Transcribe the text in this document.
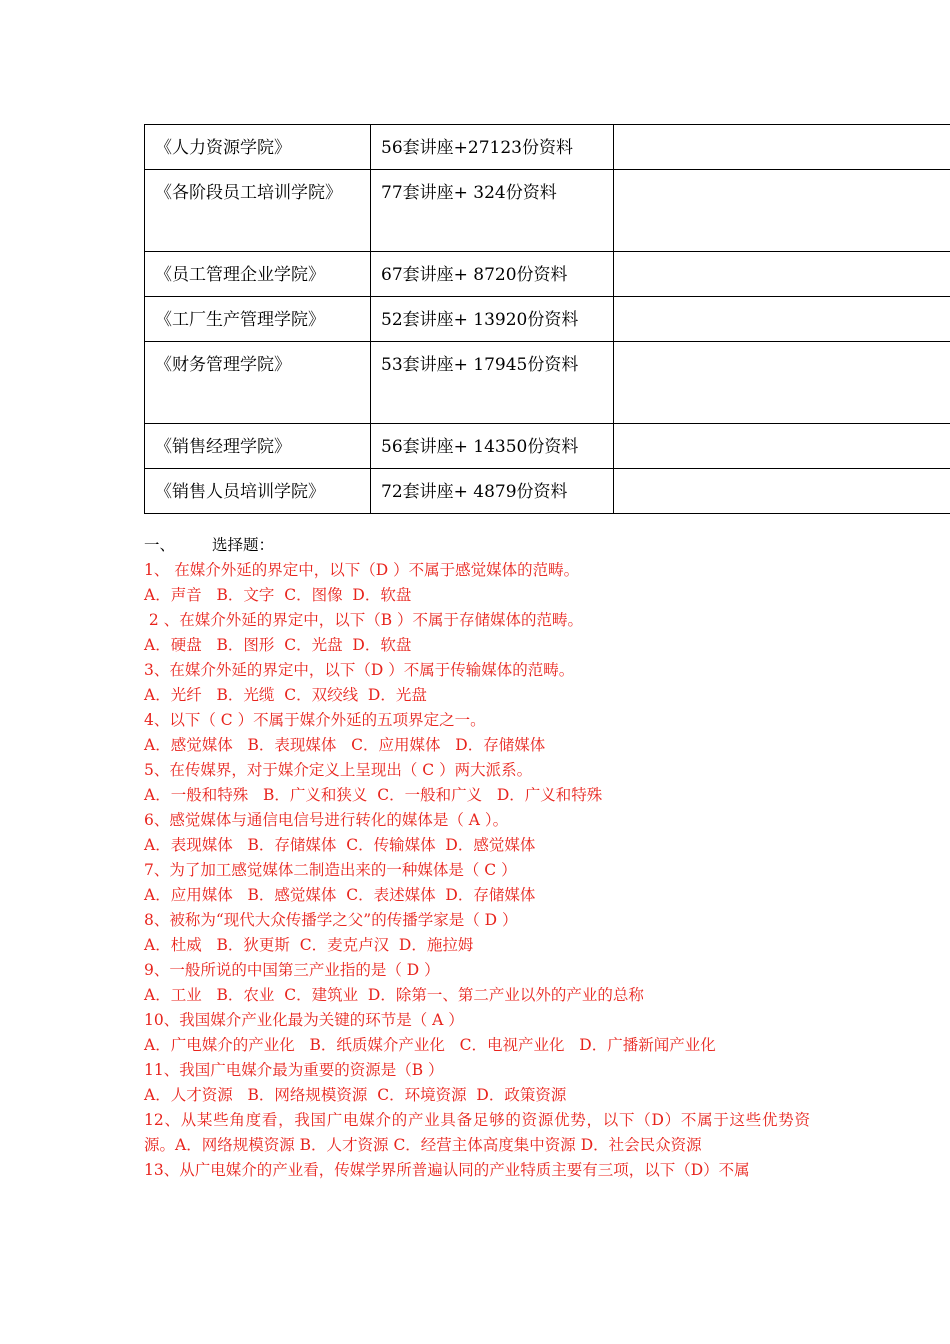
《人力资源学院》	56套讲座+27123份资料	
《各阶段员工培训学院》	77套讲座+ 324份资料	
《员工管理企业学院》	67套讲座+ 8720份资料	
《工厂生产管理学院》	52套讲座+ 13920份资料	
《财务管理学院》	53套讲座+ 17945份资料	
《销售经理学院》	56套讲座+ 14350份资料	
《销售人员培训学院》	72套讲座+ 4879份资料	

一、 选择题：

1、 在媒介外延的界定中，以下（D ）不属于感觉媒体的范畴。

A．声音   B．文字  C．图像  D．软盘

2 、在媒介外延的界定中，以下（B ）不属于存储媒体的范畴。

A．硬盘   B．图形  C．光盘  D．软盘

3、在媒介外延的界定中，以下（D ）不属于传输媒体的范畴。

A．光纤   B．光缆  C．双绞线  D．光盘

4、以下（ C ）不属于媒介外延的五项界定之一。

A．感觉媒体   B．表现媒体   C．应用媒体   D．存储媒体

5、在传媒界，对于媒介定义上呈现出（ C ）两大派系。

A．一般和特殊   B．广义和狭义  C．一般和广义   D．广义和特殊

6、感觉媒体与通信电信号进行转化的媒体是（ A ）。

A．表现媒体   B．存储媒体  C．传输媒体  D．感觉媒体

7、为了加工感觉媒体二制造出来的一种媒体是（ C ）

A．应用媒体   B．感觉媒体  C．表述媒体  D．存储媒体

8、被称为“现代大众传播学之父”的传播学家是（ D ）

A．杜威   B．狄更斯  C．麦克卢汉  D．施拉姆

9、一般所说的中国第三产业指的是（ D ）

A．工业   B．农业  C．建筑业  D．除第一、第二产业以外的产业的总称

10、我国媒介产业化最为关键的环节是（ A ）

A．广电媒介的产业化   B．纸质媒介产业化   C．电视产业化   D．广播新闻产业化

11、我国广电媒介最为重要的资源是（B ）

A．人才资源   B．网络规模资源  C．环境资源  D．政策资源

12、从某些角度看，我国广电媒介的产业具备足够的资源优势，以下（D）不属于这些优势资源。A．网络规模资源 B．人才资源 C．经营主体高度集中资源 D．社会民众资源

13、从广电媒介的产业看，传媒学界所普遍认同的产业特质主要有三项，以下（D）不属
